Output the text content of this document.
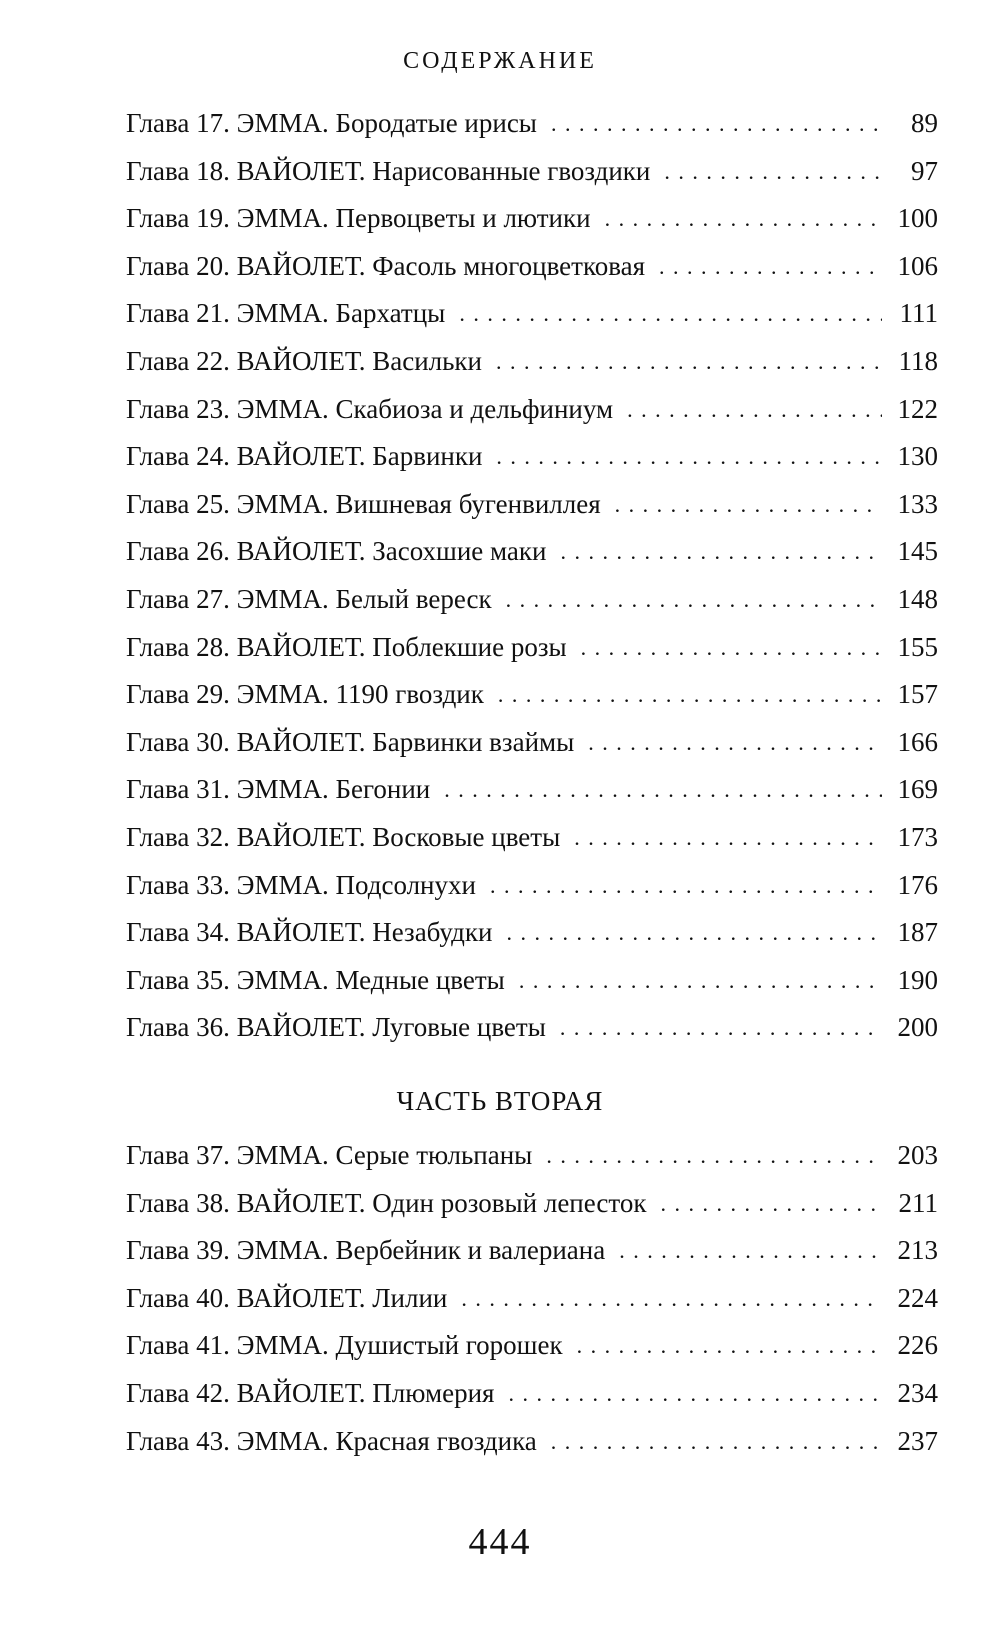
СОДЕРЖАНИЕ
Глава 17. ЭММА. Бородатые ирисы . . .	89
Глава 18. ВАЙОЛЕТ. Нарисованные гвоздики . . .	97
Глава 19. ЭММА. Первоцветы и лютики . . .	100
Глава 20. ВАЙОЛЕТ. Фасоль многоцветковая . . .	106
Глава 21. ЭММА. Бархатцы . . .	111
Глава 22. ВАЙОЛЕТ. Васильки . . .	118
Глава 23. ЭММА. Скабиоза и дельфиниум . . .	122
Глава 24. ВАЙОЛЕТ. Барвинки . . .	130
Глава 25. ЭММА. Вишневая бугенвиллея . . .	133
Глава 26. ВАЙОЛЕТ. Засохшие маки . . .	145
Глава 27. ЭММА. Белый вереск . . .	148
Глава 28. ВАЙОЛЕТ. Поблекшие розы . . .	155
Глава 29. ЭММА. 1190 гвоздик . . .	157
Глава 30. ВАЙОЛЕТ. Барвинки взаймы . . .	166
Глава 31. ЭММА. Бегонии . . .	169
Глава 32. ВАЙОЛЕТ. Восковые цветы . . .	173
Глава 33. ЭММА. Подсолнухи . . .	176
Глава 34. ВАЙОЛЕТ. Незабудки . . .	187
Глава 35. ЭММА. Медные цветы . . .	190
Глава 36. ВАЙОЛЕТ. Луговые цветы . . .	200
ЧАСТЬ ВТОРАЯ
Глава 37. ЭММА. Серые тюльпаны . . .	203
Глава 38. ВАЙОЛЕТ. Один розовый лепесток . . .	211
Глава 39. ЭММА. Вербейник и валериана . . .	213
Глава 40. ВАЙОЛЕТ. Лилии . . .	224
Глава 41. ЭММА. Душистый горошек . . .	226
Глава 42. ВАЙОЛЕТ. Плюмерия . . .	234
Глава 43. ЭММА. Красная гвоздика . . .	237
444
